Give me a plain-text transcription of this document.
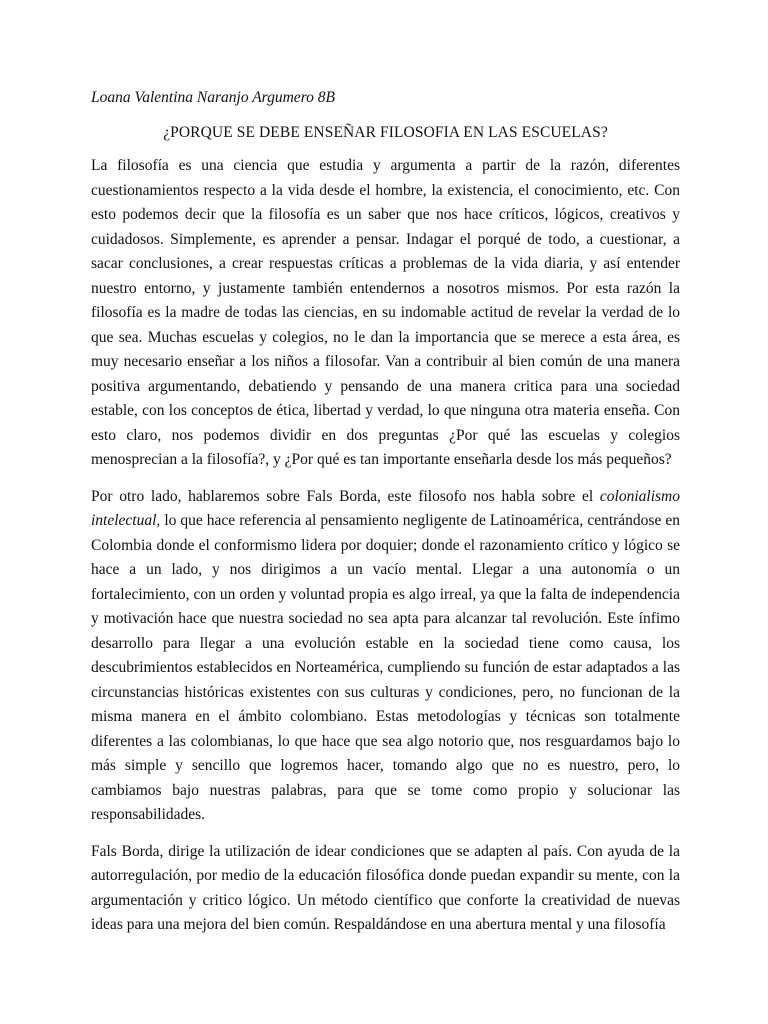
Loana Valentina Naranjo Argumero 8B

¿PORQUE SE DEBE ENSEÑAR FILOSOFIA EN LAS ESCUELAS?

La filosofía es una ciencia que estudia y argumenta a partir de la razón, diferentes cuestionamientos respecto a la vida desde el hombre, la existencia, el conocimiento, etc. Con esto podemos decir que la filosofía es un saber que nos hace críticos, lógicos, creativos y cuidadosos. Simplemente, es aprender a pensar. Indagar el porqué de todo, a cuestionar, a sacar conclusiones, a crear respuestas críticas a problemas de la vida diaria, y así entender nuestro entorno, y justamente también entendernos a nosotros mismos. Por esta razón la filosofía es la madre de todas las ciencias, en su indomable actitud de revelar la verdad de lo que sea. Muchas escuelas y colegios, no le dan la importancia que se merece a esta área, es muy necesario enseñar a los niños a filosofar. Van a contribuir al bien común de una manera positiva argumentando, debatiendo y pensando de una manera critica para una sociedad estable, con los conceptos de ética, libertad y verdad, lo que ninguna otra materia enseña. Con esto claro, nos podemos dividir en dos preguntas ¿Por qué las escuelas y colegios menosprecian a la filosofía?, y ¿Por qué es tan importante enseñarla desde los más pequeños?

Por otro lado, hablaremos sobre Fals Borda, este filosofo nos habla sobre el colonialismo intelectual, lo que hace referencia al pensamiento negligente de Latinoamérica, centrándose en Colombia donde el conformismo lidera por doquier; donde el razonamiento crítico y lógico se hace a un lado, y nos dirigimos a un vacío mental. Llegar a una autonomía o un fortalecimiento, con un orden y voluntad propia es algo irreal, ya que la falta de independencia y motivación hace que nuestra sociedad no sea apta para alcanzar tal revolución. Este ínfimo desarrollo para llegar a una evolución estable en la sociedad tiene como causa, los descubrimientos establecidos en Norteamérica, cumpliendo su función de estar adaptados a las circunstancias históricas existentes con sus culturas y condiciones, pero, no funcionan de la misma manera en el ámbito colombiano. Estas metodologías y técnicas son totalmente diferentes a las colombianas, lo que hace que sea algo notorio que, nos resguardamos bajo lo más simple y sencillo que logremos hacer, tomando algo que no es nuestro, pero, lo cambiamos bajo nuestras palabras, para que se tome como propio y solucionar las responsabilidades.

Fals Borda, dirige la utilización de idear condiciones que se adapten al país. Con ayuda de la autorregulación, por medio de la educación filosófica donde puedan expandir su mente, con la argumentación y critico lógico. Un método científico que conforte la creatividad de nuevas ideas para una mejora del bien común. Respaldándose en una abertura mental y una filosofía
